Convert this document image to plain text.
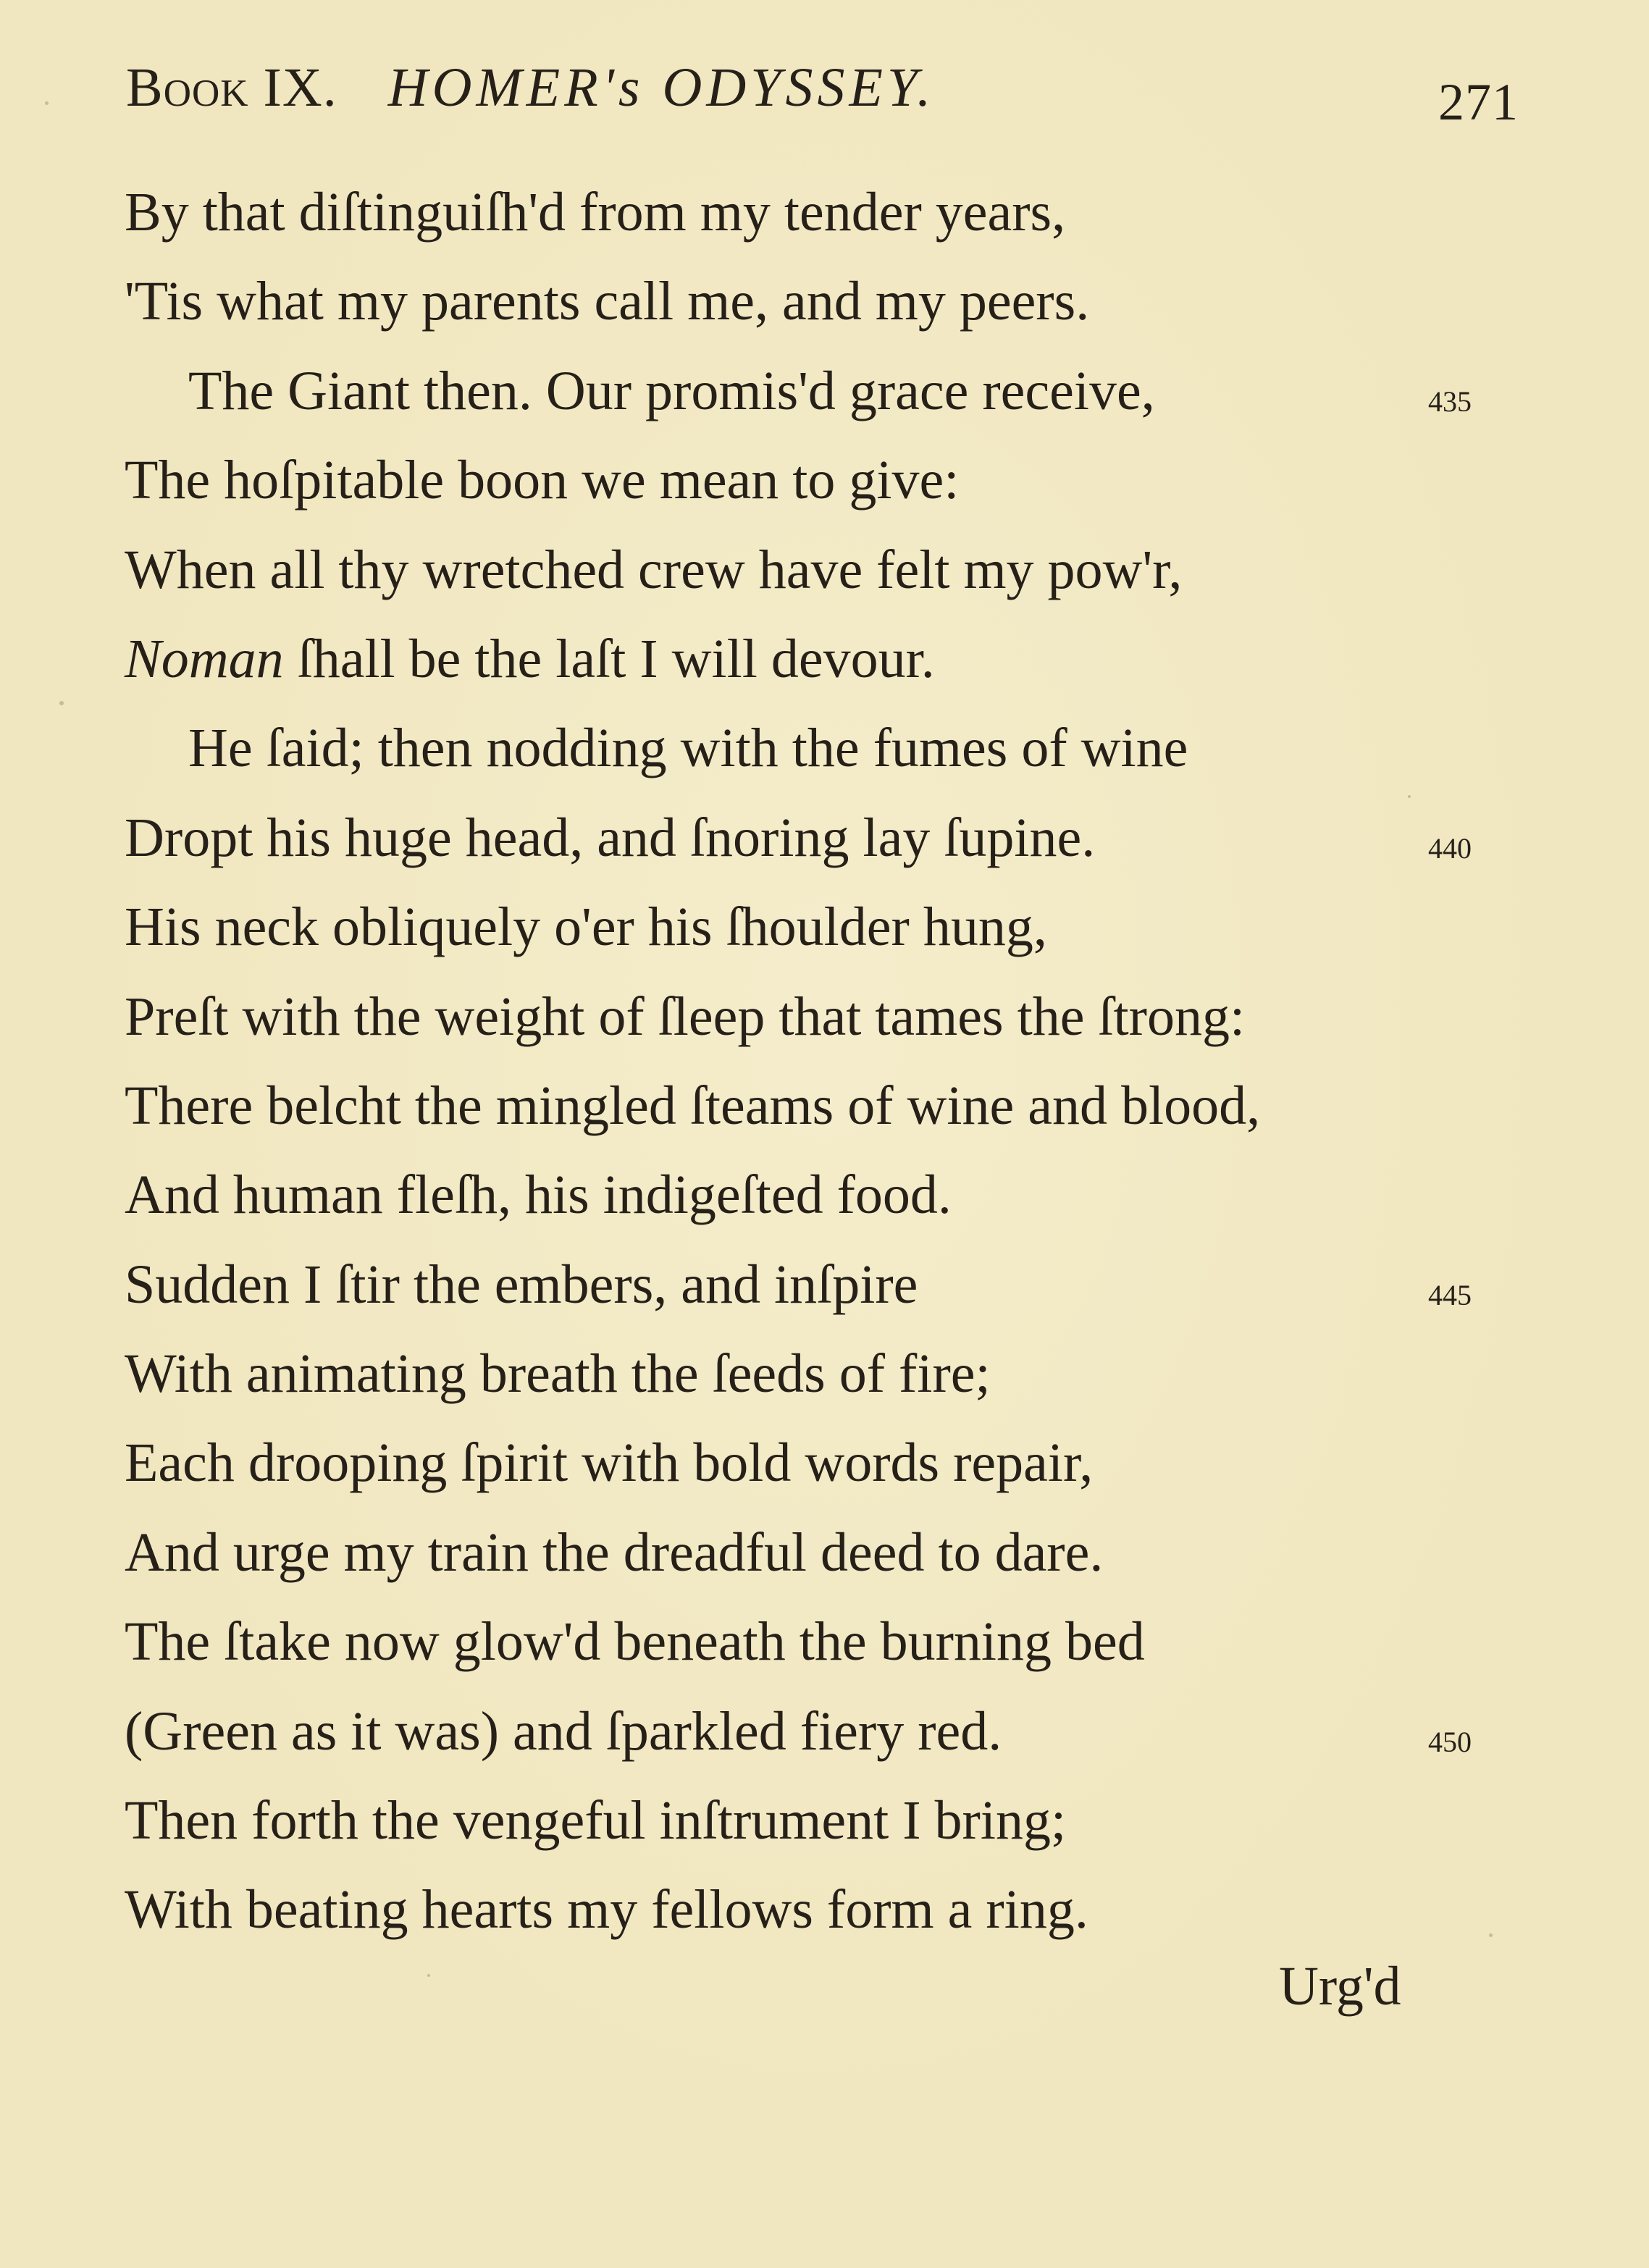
Book IX. HOMER's ODYSSEY.	271
By that diſtinguiſh'd from my tender years,
'Tis what my parents call me, and my peers.
The Giant then. Our promis'd grace receive,	435
The hoſpitable boon we mean to give:
When all thy wretched crew have felt my pow'r,
Noman ſhall be the laſt I will devour.
He ſaid; then nodding with the fumes of wine
Dropt his huge head, and ſnoring lay ſupine.	440
His neck obliquely o'er his ſhoulder hung,
Preſt with the weight of ſleep that tames the ſtrong:
There belcht the mingled ſteams of wine and blood,
And human fleſh, his indigeſted food.
Sudden I ſtir the embers, and inſpire	445
With animating breath the ſeeds of fire;
Each drooping ſpirit with bold words repair,
And urge my train the dreadful deed to dare.
The ſtake now glow'd beneath the burning bed
(Green as it was) and ſparkled fiery red.	450
Then forth the vengeful inſtrument I bring;
With beating hearts my fellows form a ring.
Urg'd
